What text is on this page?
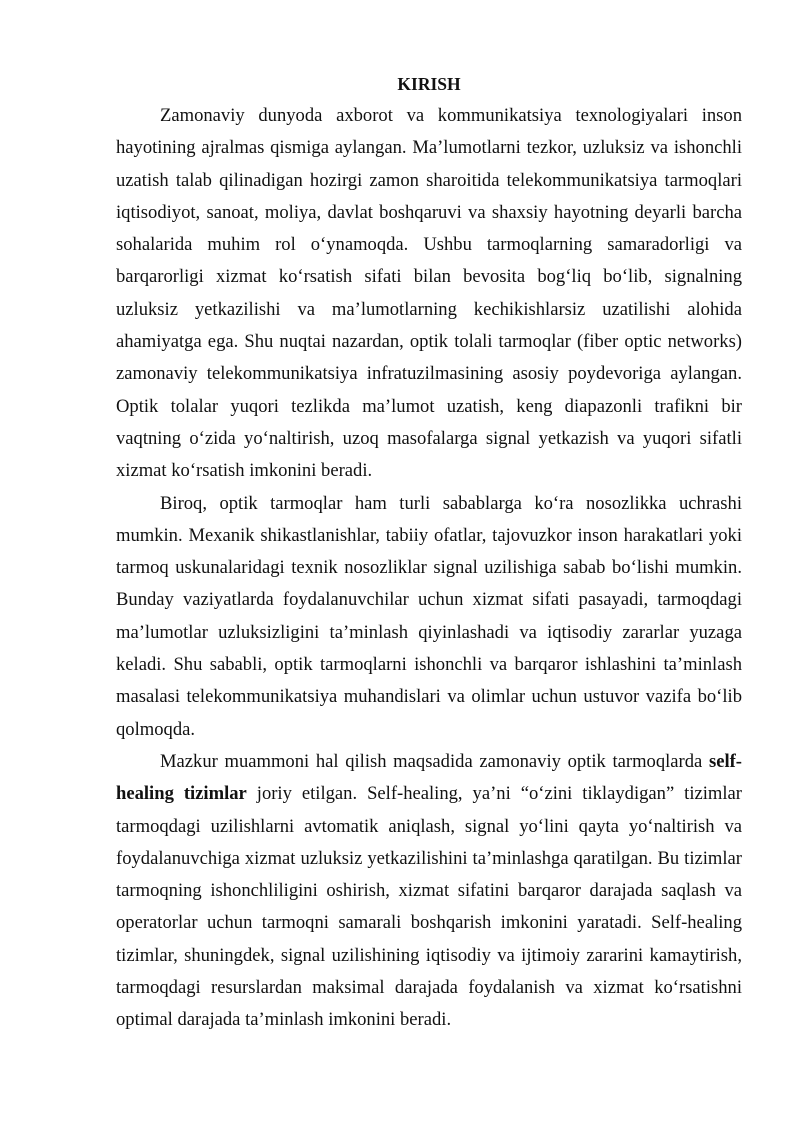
KIRISH

Zamonaviy dunyoda axborot va kommunikatsiya texnologiyalari inson hayotining ajralmas qismiga aylangan. Ma’lumotlarni tezkor, uzluksiz va ishonchli uzatish talab qilinadigan hozirgi zamon sharoitida telekommunikatsiya tarmoqlari iqtisodiyot, sanoat, moliya, davlat boshqaruvi va shaxsiy hayotning deyarli barcha sohalarida muhim rol o‘ynamoqda. Ushbu tarmoqlarning samaradorligi va barqarorligi xizmat ko‘rsatish sifati bilan bevosita bog‘liq bo‘lib, signalning uzluksiz yetkazilishi va ma’lumotlarning kechikishlarsiz uzatilishi alohida ahamiyatga ega. Shu nuqtai nazardan, optik tolali tarmoqlar (fiber optic networks) zamonaviy telekommunikatsiya infratuzilmasining asosiy poydevoriga aylangan. Optik tolalar yuqori tezlikda ma’lumot uzatish, keng diapazonli trafikni bir vaqtning o‘zida yo‘naltirish, uzoq masofalarga signal yetkazish va yuqori sifatli xizmat ko‘rsatish imkonini beradi.

Biroq, optik tarmoqlar ham turli sabablarga ko‘ra nosozlikka uchrashi mumkin. Mexanik shikastlanishlar, tabiiy ofatlar, tajovuzkor inson harakatlari yoki tarmoq uskunalaridagi texnik nosozliklar signal uzilishiga sabab bo‘lishi mumkin. Bunday vaziyatlarda foydalanuvchilar uchun xizmat sifati pasayadi, tarmoqdagi ma’lumotlar uzluksizligini ta’minlash qiyinlashadi va iqtisodiy zararlar yuzaga keladi. Shu sababli, optik tarmoqlarni ishonchli va barqaror ishlashini ta’minlash masalasi telekommunikatsiya muhandislari va olimlar uchun ustuvor vazifa bo‘lib qolmoqda.

Mazkur muammoni hal qilish maqsadida zamonaviy optik tarmoqlarda self-healing tizimlar joriy etilgan. Self-healing, ya’ni “o‘zini tiklaydigan” tizimlar tarmoqdagi uzilishlarni avtomatik aniqlash, signal yo‘lini qayta yo‘naltirish va foydalanuvchiga xizmat uzluksiz yetkazilishini ta’minlashga qaratilgan. Bu tizimlar tarmoqning ishonchliligini oshirish, xizmat sifatini barqaror darajada saqlash va operatorlar uchun tarmoqni samarali boshqarish imkonini yaratadi. Self-healing tizimlar, shuningdek, signal uzilishining iqtisodiy va ijtimoiy zararini kamaytirish, tarmoqdagi resurslardan maksimal darajada foydalanish va xizmat ko‘rsatishni optimal darajada ta’minlash imkonini beradi.
